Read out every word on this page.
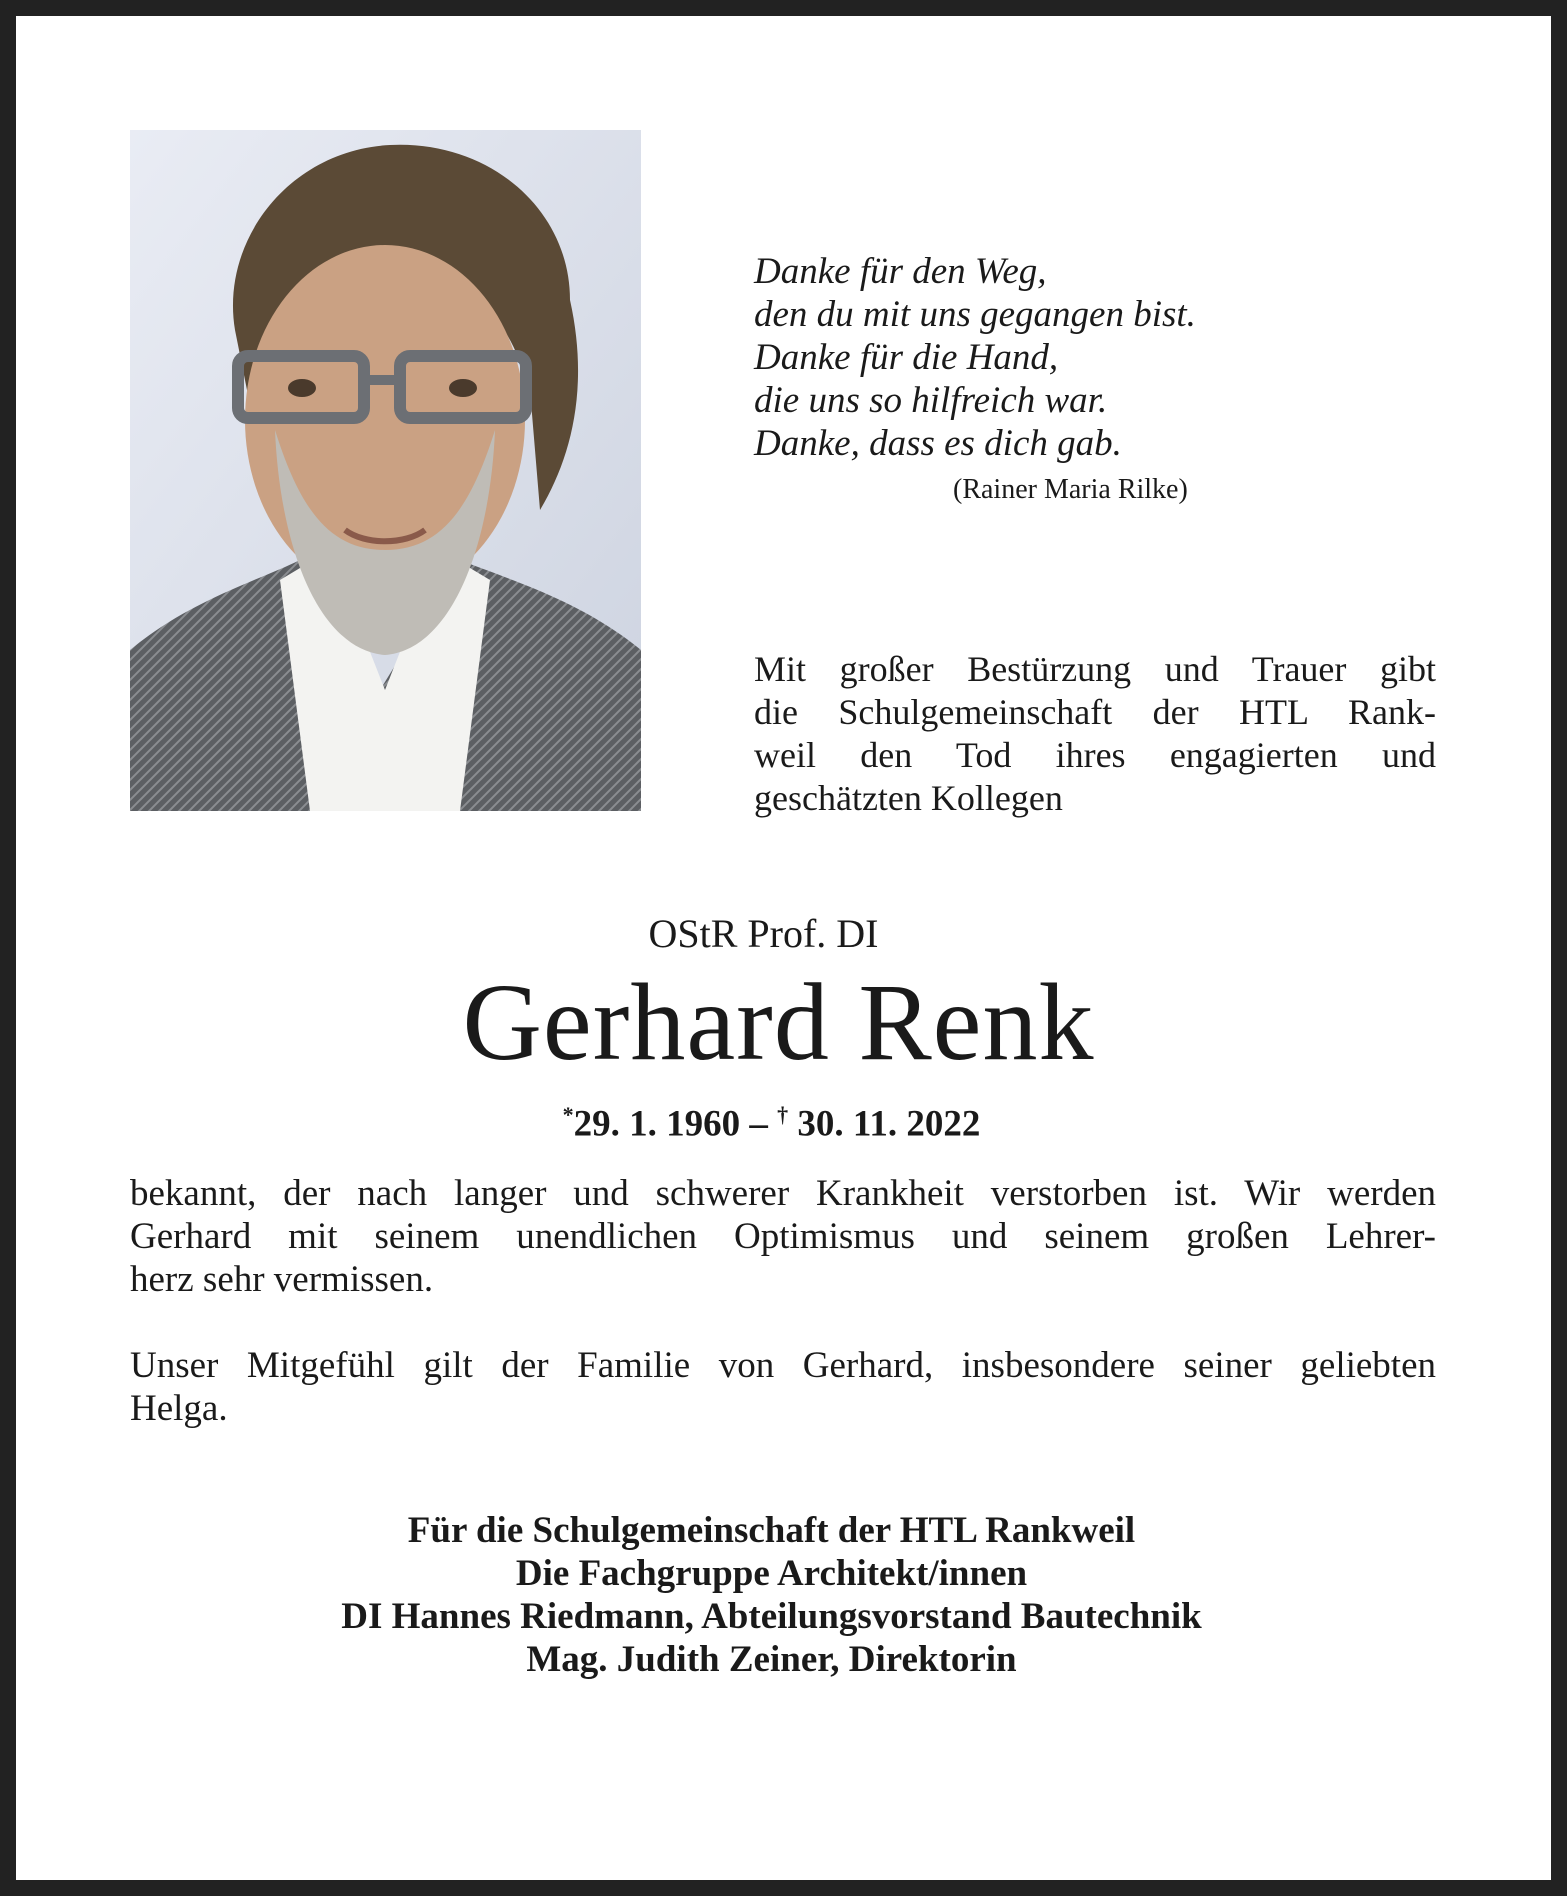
Danke für den Weg,
den du mit uns gegangen bist.
Danke für die Hand,
die uns so hilfreich war.
Danke, dass es dich gab.
(Rainer Maria Rilke)
Mit großer Bestürzung und Trauer gibt
die Schulgemeinschaft der HTL Rank-
weil den Tod ihres engagierten und
geschätzten Kollegen
OStR Prof. DI
Gerhard Renk
*29. 1. 1960 – † 30. 11. 2022
bekannt, der nach langer und schwerer Krankheit verstorben ist. Wir werden
Gerhard mit seinem unendlichen Optimismus und seinem großen Lehrer-
herz sehr vermissen.
Unser Mitgefühl gilt der Familie von Gerhard, insbesondere seiner geliebten
Helga.
Für die Schulgemeinschaft der HTL Rankweil
Die Fachgruppe Architekt/innen
DI Hannes Riedmann, Abteilungsvorstand Bautechnik
Mag. Judith Zeiner, Direktorin
